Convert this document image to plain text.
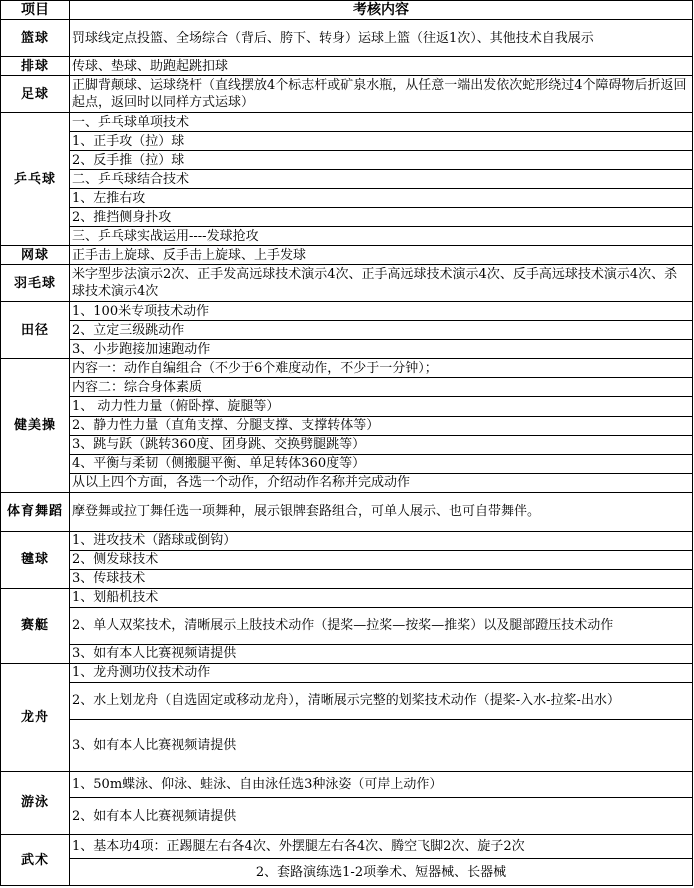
项目	考核内容
篮球	罚球线定点投篮、全场综合（背后、胯下、转身）运球上篮（往返1次）、其他技术自我展示
排球	传球、垫球、助跑起跳扣球
足球	正脚背颠球、运球绕杆（直线摆放4个标志杆或矿泉水瓶，从任意一端出发依次蛇形绕过4个障碍物后折返回起点，返回时以同样方式运球）
乒乓球	一、乒乓球单项技术
	1、正手攻（拉）球
	2、反手推（拉）球
	二、乒乓球结合技术
	1、左推右攻
	2、推挡侧身扑攻
	三、乒乓球实战运用----发球抢攻
网球	正手击上旋球、反手击上旋球、上手发球
羽毛球	米字型步法演示2次、正手发高远球技术演示4次、正手高远球技术演示4次、反手高远球技术演示4次、杀球技术演示4次
田径	1、100米专项技术动作
	2、立定三级跳动作
	3、小步跑接加速跑动作
健美操	内容一：动作自编组合（不少于6个难度动作，不少于一分钟）；
	内容二：综合身体素质
	1、 动力性力量（俯卧撑、旋腿等）
	2、静力性力量（直角支撑、分腿支撑、支撑转体等）
	3、跳与跃（跳转360度、团身跳、交换劈腿跳等）
	4、平衡与柔韧（侧搬腿平衡、单足转体360度等）
	从以上四个方面，各选一个动作，介绍动作名称并完成动作
体育舞蹈	摩登舞或拉丁舞任选一项舞种，展示银牌套路组合，可单人展示、也可自带舞伴。
毽球	1、进攻技术（踏球或倒钩）
	2、侧发球技术
	3、传球技术
赛艇	1、划船机技术
	2、单人双桨技术，清晰展示上肢技术动作（提桨—拉桨—按桨—推桨）以及腿部蹬压技术动作
	3、如有本人比赛视频请提供
龙舟	1、龙舟测功仪技术动作
	2、水上划龙舟（自选固定或移动龙舟），清晰展示完整的划桨技术动作（提桨-入水-拉桨-出水）
	3、如有本人比赛视频请提供
游泳	1、50m蝶泳、仰泳、蛙泳、自由泳任选3种泳姿（可岸上动作）
	2、如有本人比赛视频请提供
武术	1、基本功4项：正踢腿左右各4次、外摆腿左右各4次、腾空飞脚2次、旋子2次
	2、套路演练选1-2项拳术、短器械、长器械
